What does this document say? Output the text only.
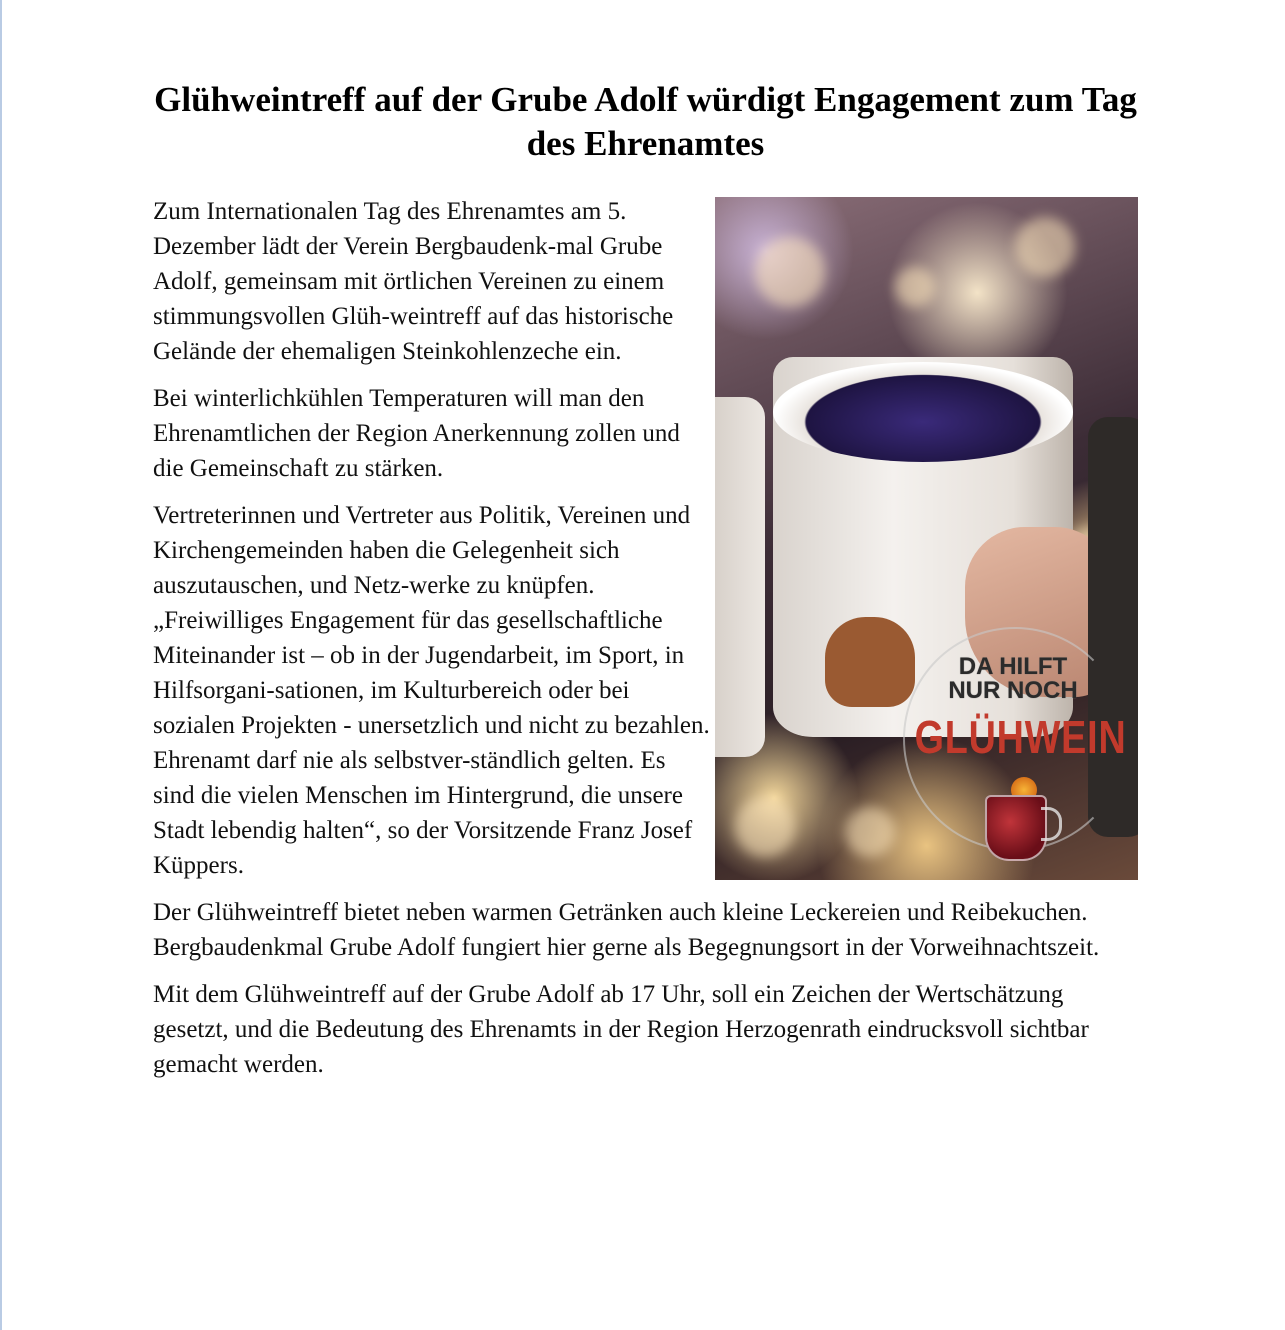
Glühweintreff auf der Grube Adolf würdigt Engagement zum Tag des Ehrenamtes
DA HILFT
NUR NOCH
GLÜHWEIN

Zum Internationalen Tag des Ehrenamtes am 5. Dezember lädt der Verein Bergbaudenk-mal Grube Adolf, gemeinsam mit örtlichen Vereinen zu einem stimmungsvollen Glüh-weintreff auf das historische Gelände der ehemaligen Steinkohlenzeche ein.

Bei winterlichkühlen Temperaturen will man den Ehrenamtlichen der Region Anerkennung zollen und die Gemeinschaft zu stärken.

Vertreterinnen und Vertreter aus Politik, Vereinen und Kirchengemeinden haben die Gelegenheit sich auszutauschen, und Netz-werke zu knüpfen. „Freiwilliges Engagement für das gesellschaftliche Miteinander ist – ob in der Jugendarbeit, im Sport, in Hilfsorgani-sationen, im Kulturbereich oder bei sozialen Projekten - unersetzlich und nicht zu bezahlen. Ehrenamt darf nie als selbstver-ständlich gelten. Es sind die vielen Menschen im Hintergrund, die unsere Stadt lebendig halten“, so der Vorsitzende Franz Josef Küppers.

Der Glühweintreff bietet neben warmen Getränken auch kleine Leckereien und Reibekuchen. Bergbaudenkmal Grube Adolf fungiert hier gerne als Begegnungsort in der Vorweihnachtszeit.

Mit dem Glühweintreff auf der Grube Adolf ab 17 Uhr, soll ein Zeichen der Wertschätzung gesetzt, und die Bedeutung des Ehrenamts in der Region Herzogenrath eindrucksvoll sichtbar gemacht werden.
